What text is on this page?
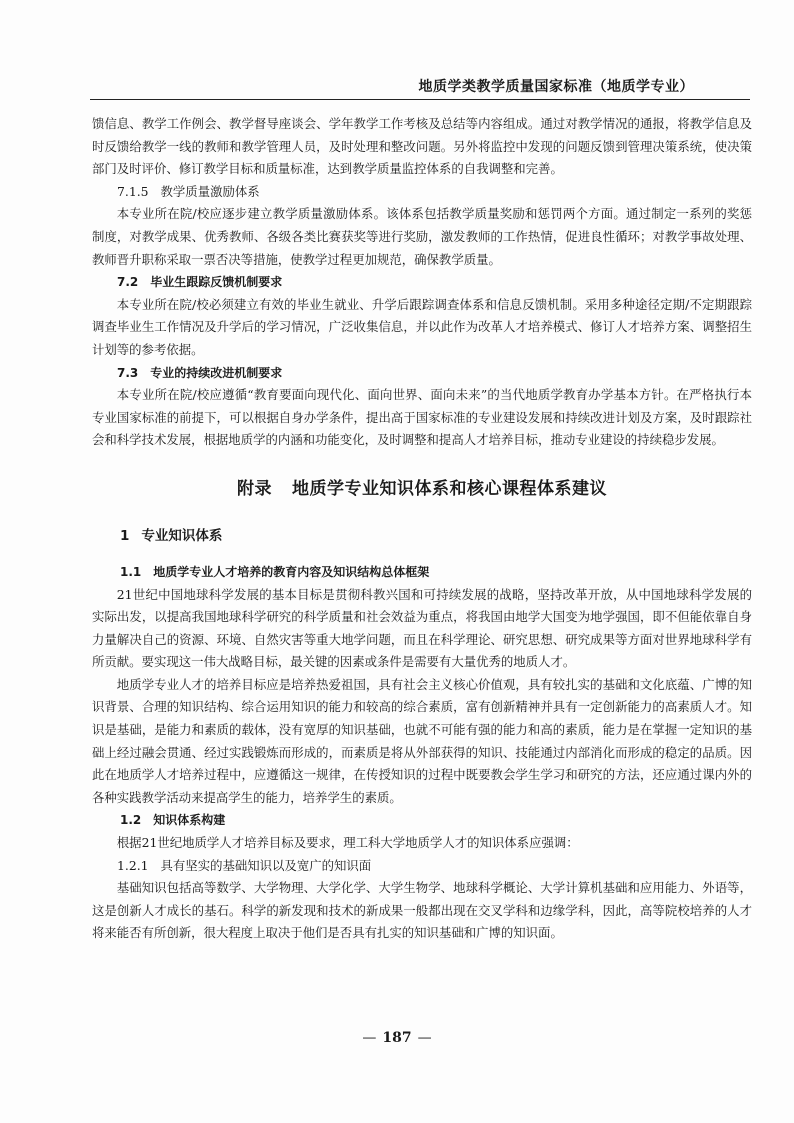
地质学类教学质量国家标准（地质学专业）

馈信息、教学工作例会、教学督导座谈会、学年教学工作考核及总结等内容组成。通过对教学情况的通报，将教学信息及时反馈给教学一线的教师和教学管理人员，及时处理和整改问题。另外将监控中发现的问题反馈到管理决策系统，使决策部门及时评价、修订教学目标和质量标准，达到教学质量监控体系的自我调整和完善。

7.1.5 教学质量激励体系

本专业所在院/校应逐步建立教学质量激励体系。该体系包括教学质量奖励和惩罚两个方面。通过制定一系列的奖惩制度，对教学成果、优秀教师、各级各类比赛获奖等进行奖励，激发教师的工作热情，促进良性循环；对教学事故处理、教师晋升职称采取一票否决等措施，使教学过程更加规范，确保教学质量。

7.2 毕业生跟踪反馈机制要求

本专业所在院/校必须建立有效的毕业生就业、升学后跟踪调查体系和信息反馈机制。采用多种途径定期/不定期跟踪调查毕业生工作情况及升学后的学习情况，广泛收集信息，并以此作为改革人才培养模式、修订人才培养方案、调整招生计划等的参考依据。

7.3 专业的持续改进机制要求

本专业所在院/校应遵循“教育要面向现代化、面向世界、面向未来”的当代地质学教育办学基本方针。在严格执行本专业国家标准的前提下，可以根据自身办学条件，提出高于国家标准的专业建设发展和持续改进计划及方案，及时跟踪社会和科学技术发展，根据地质学的内涵和功能变化，及时调整和提高人才培养目标，推动专业建设的持续稳步发展。

附录 地质学专业知识体系和核心课程体系建议
1 专业知识体系
1.1 地质学专业人才培养的教育内容及知识结构总体框架

21世纪中国地球科学发展的基本目标是贯彻科教兴国和可持续发展的战略，坚持改革开放，从中国地球科学发展的实际出发，以提高我国地球科学研究的科学质量和社会效益为重点，将我国由地学大国变为地学强国，即不但能依靠自身力量解决自己的资源、环境、自然灾害等重大地学问题，而且在科学理论、研究思想、研究成果等方面对世界地球科学有所贡献。要实现这一伟大战略目标，最关键的因素或条件是需要有大量优秀的地质人才。

地质学专业人才的培养目标应是培养热爱祖国，具有社会主义核心价值观，具有较扎实的基础和文化底蕴、广博的知识背景、合理的知识结构、综合运用知识的能力和较高的综合素质，富有创新精神并具有一定创新能力的高素质人才。知识是基础，是能力和素质的载体，没有宽厚的知识基础，也就不可能有强的能力和高的素质，能力是在掌握一定知识的基础上经过融会贯通、经过实践锻炼而形成的，而素质是将从外部获得的知识、技能通过内部消化而形成的稳定的品质。因此在地质学人才培养过程中，应遵循这一规律，在传授知识的过程中既要教会学生学习和研究的方法，还应通过课内外的各种实践教学活动来提高学生的能力，培养学生的素质。

1.2 知识体系构建

根据21世纪地质学人才培养目标及要求，理工科大学地质学人才的知识体系应强调：

1.2.1 具有坚实的基础知识以及宽广的知识面

基础知识包括高等数学、大学物理、大学化学、大学生物学、地球科学概论、大学计算机基础和应用能力、外语等，这是创新人才成长的基石。科学的新发现和技术的新成果一般都出现在交叉学科和边缘学科，因此，高等院校培养的人才将来能否有所创新，很大程度上取决于他们是否具有扎实的知识基础和广博的知识面。

— 187 —
